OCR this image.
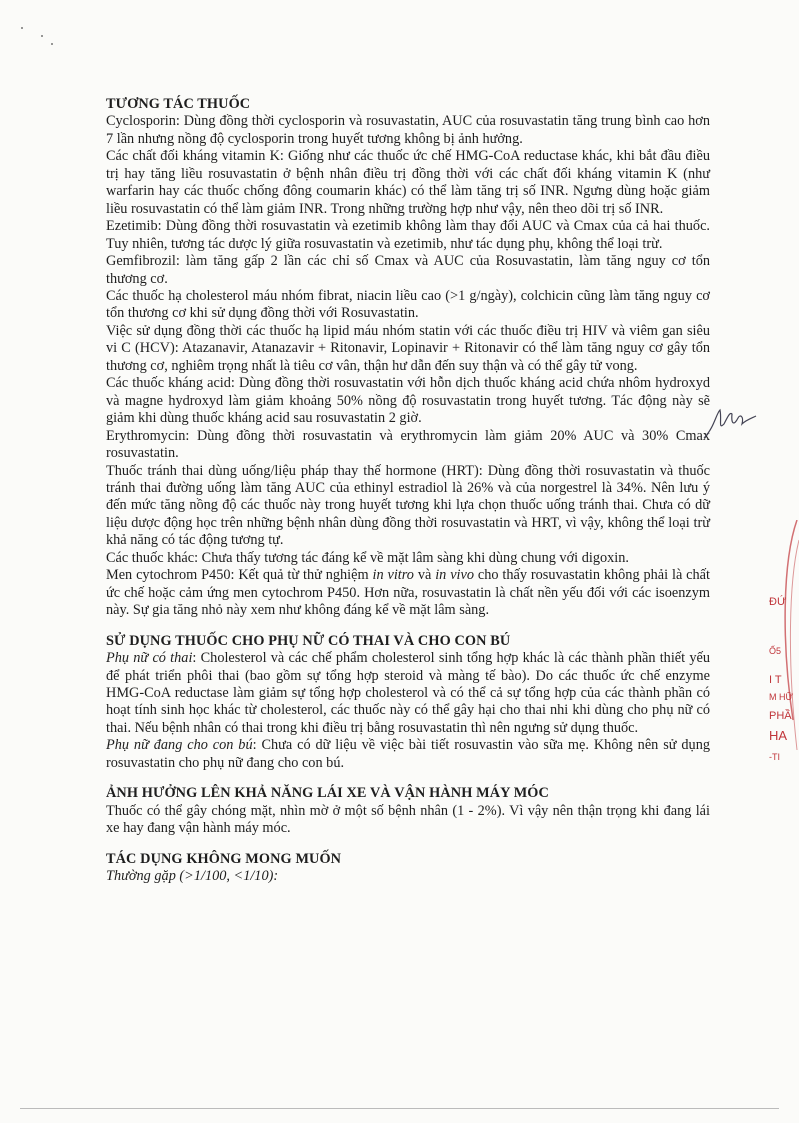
TƯƠNG TÁC THUỐC

Cyclosporin: Dùng đồng thời cyclosporin và rosuvastatin, AUC của rosuvastatin tăng trung bình cao hơn 7 lần nhưng nồng độ cyclosporin trong huyết tương không bị ảnh hưởng.

Các chất đối kháng vitamin K: Giống như các thuốc ức chế HMG-CoA reductase khác, khi bắt đầu điều trị hay tăng liều rosuvastatin ở bệnh nhân điều trị đồng thời với các chất đối kháng vitamin K (như warfarin hay các thuốc chống đông coumarin khác) có thể làm tăng trị số INR. Ngưng dùng hoặc giảm liều rosuvastatin có thể làm giảm INR. Trong những trường hợp như vậy, nên theo dõi trị số INR.

Ezetimib: Dùng đồng thời rosuvastatin và ezetimib không làm thay đổi AUC và Cmax của cả hai thuốc. Tuy nhiên, tương tác dược lý giữa rosuvastatin và ezetimib, như tác dụng phụ, không thể loại trừ.

Gemfibrozil: làm tăng gấp 2 lần các chỉ số Cmax và AUC của Rosuvastatin, làm tăng nguy cơ tổn thương cơ.

Các thuốc hạ cholesterol máu nhóm fibrat, niacin liều cao (>1 g/ngày), colchicin cũng làm tăng nguy cơ tổn thương cơ khi sử dụng đồng thời với Rosuvastatin.

Việc sử dụng đồng thời các thuốc hạ lipid máu nhóm statin với các thuốc điều trị HIV và viêm gan siêu vi C (HCV): Atazanavir, Atanazavir + Ritonavir, Lopinavir + Ritonavir có thể làm tăng nguy cơ gây tổn thương cơ, nghiêm trọng nhất là tiêu cơ vân, thận hư dẫn đến suy thận và có thể gây tử vong.

Các thuốc kháng acid: Dùng đồng thời rosuvastatin với hỗn dịch thuốc kháng acid chứa nhôm hydroxyd và magne hydroxyd làm giảm khoảng 50% nồng độ rosuvastatin trong huyết tương. Tác động này sẽ giảm khi dùng thuốc kháng acid sau rosuvastatin 2 giờ.

Erythromycin: Dùng đồng thời rosuvastatin và erythromycin làm giảm 20% AUC và 30% Cmax rosuvastatin.

Thuốc tránh thai dùng uống/liệu pháp thay thế hormone (HRT): Dùng đồng thời rosuvastatin và thuốc tránh thai đường uống làm tăng AUC của ethinyl estradiol là 26% và của norgestrel là 34%. Nên lưu ý đến mức tăng nồng độ các thuốc này trong huyết tương khi lựa chọn thuốc uống tránh thai. Chưa có dữ liệu dược động học trên những bệnh nhân dùng đồng thời rosuvastatin và HRT, vì vậy, không thể loại trừ khả năng có tác động tương tự.

Các thuốc khác: Chưa thấy tương tác đáng kể về mặt lâm sàng khi dùng chung với digoxin.

Men cytochrom P450: Kết quả từ thử nghiệm in vitro và in vivo cho thấy rosuvastatin không phải là chất ức chế hoặc cảm ứng men cytochrom P450. Hơn nữa, rosuvastatin là chất nền yếu đối với các isoenzym này. Sự gia tăng nhỏ này xem như không đáng kể về mặt lâm sàng.

SỬ DỤNG THUỐC CHO PHỤ NỮ CÓ THAI VÀ CHO CON BÚ

Phụ nữ có thai: Cholesterol và các chế phẩm cholesterol sinh tổng hợp khác là các thành phần thiết yếu để phát triển phôi thai (bao gồm sự tổng hợp steroid và màng tế bào). Do các thuốc ức chế enzyme HMG-CoA reductase làm giảm sự tổng hợp cholesterol và có thể cả sự tổng hợp của các thành phần có hoạt tính sinh học khác từ cholesterol, các thuốc này có thể gây hại cho thai nhi khi dùng cho phụ nữ có thai. Nếu bệnh nhân có thai trong khi điều trị bằng rosuvastatin thì nên ngưng sử dụng thuốc.

Phụ nữ đang cho con bú: Chưa có dữ liệu về việc bài tiết rosuvastin vào sữa mẹ. Không nên sử dụng rosuvastatin cho phụ nữ đang cho con bú.

ẢNH HƯỞNG LÊN KHẢ NĂNG LÁI XE VÀ VẬN HÀNH MÁY MÓC

Thuốc có thể gây chóng mặt, nhìn mờ ở một số bệnh nhân (1 - 2%). Vì vậy nên thận trọng khi đang lái xe hay đang vận hành máy móc.

TÁC DỤNG KHÔNG MONG MUỐN

Thường gặp (>1/100, <1/10):

ĐỨ
Ố5
I T
M HỮ
PHẦ
HA
-TI
